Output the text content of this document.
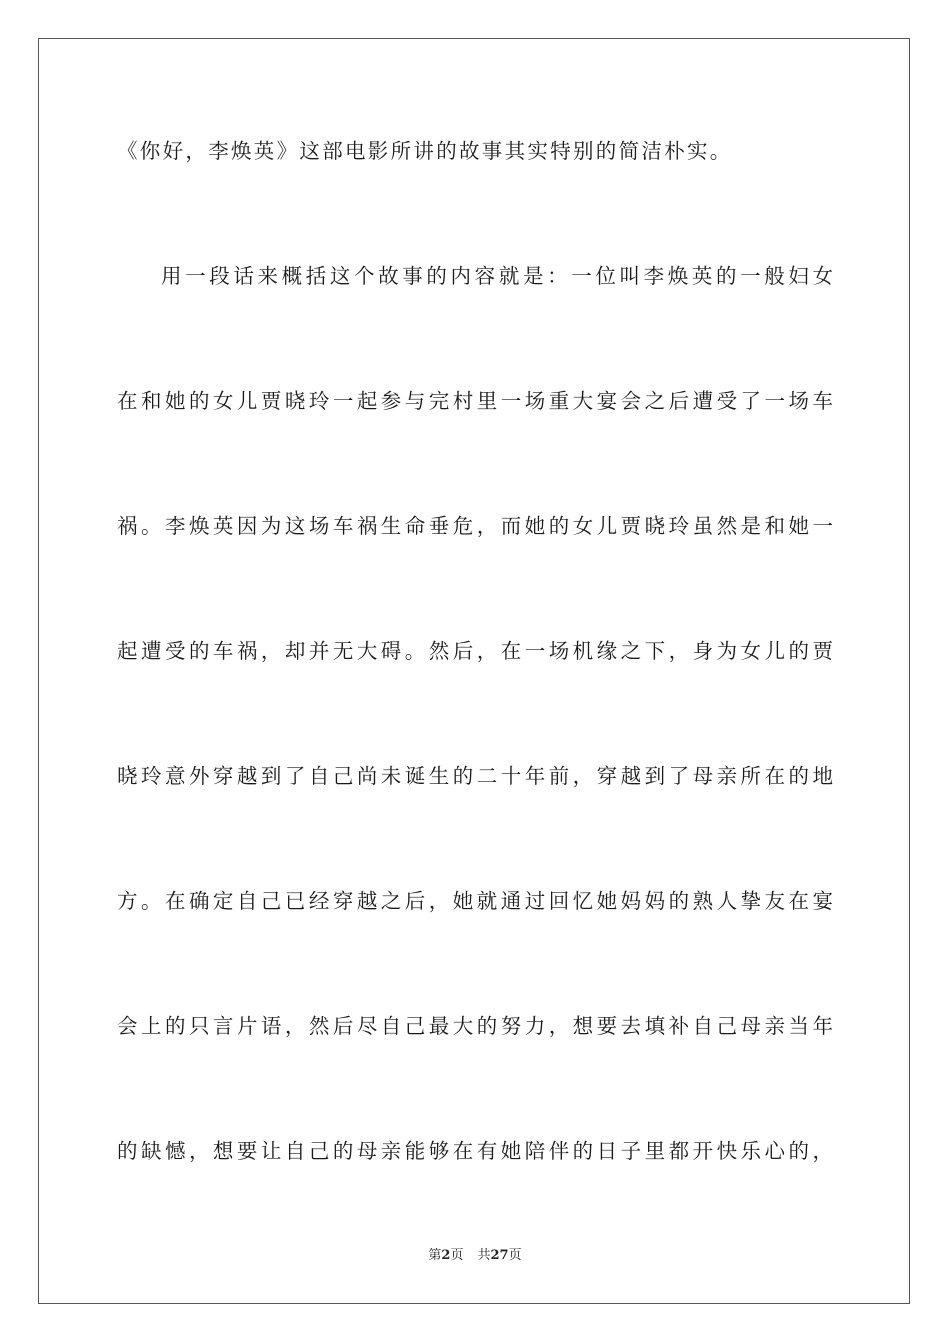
《你好，李焕英》这部电影所讲的故事其实特别的简洁朴实。
用一段话来概括这个故事的内容就是：一位叫李焕英的一般妇女
在和她的女儿贾晓玲一起参与完村里一场重大宴会之后遭受了一场车
祸。李焕英因为这场车祸生命垂危，而她的女儿贾晓玲虽然是和她一
起遭受的车祸，却并无大碍。然后，在一场机缘之下，身为女儿的贾
晓玲意外穿越到了自己尚未诞生的二十年前，穿越到了母亲所在的地
方。在确定自己已经穿越之后，她就通过回忆她妈妈的熟人挚友在宴
会上的只言片语，然后尽自己最大的努力，想要去填补自己母亲当年
的缺憾，想要让自己的母亲能够在有她陪伴的日子里都开快乐心的，
第2页 共27页
